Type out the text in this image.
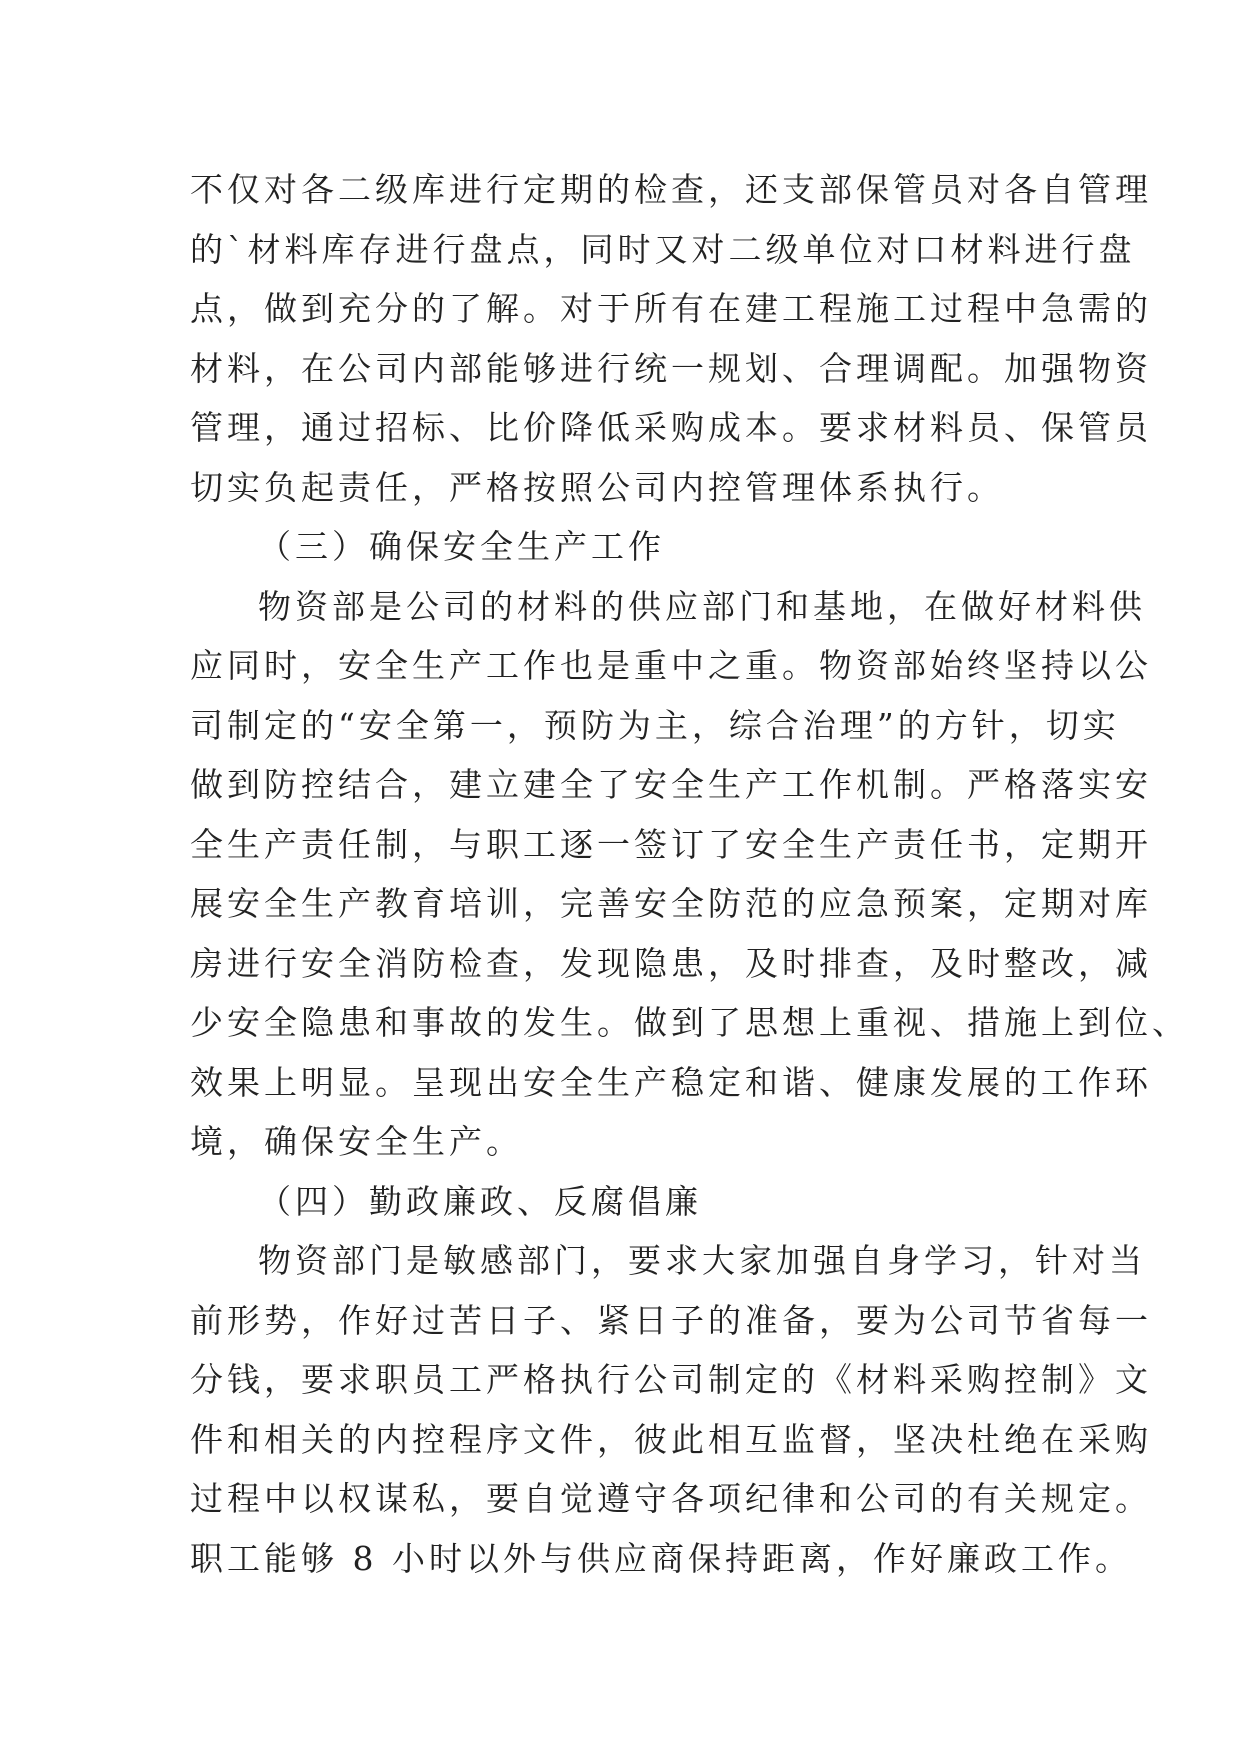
不仅对各二级库进行定期的检查，还支部保管员对各自管理
的`材料库存进行盘点，同时又对二级单位对口材料进行盘
点，做到充分的了解。对于所有在建工程施工过程中急需的
材料，在公司内部能够进行统一规划、合理调配。加强物资
管理，通过招标、比价降低采购成本。要求材料员、保管员
切实负起责任，严格按照公司内控管理体系执行。
（三）确保安全生产工作
物资部是公司的材料的供应部门和基地，在做好材料供
应同时，安全生产工作也是重中之重。物资部始终坚持以公
司制定的“安全第一，预防为主，综合治理”的方针，切实
做到防控结合，建立建全了安全生产工作机制。严格落实安
全生产责任制，与职工逐一签订了安全生产责任书，定期开
展安全生产教育培训，完善安全防范的应急预案，定期对库
房进行安全消防检查，发现隐患，及时排查，及时整改，减
少安全隐患和事故的发生。做到了思想上重视、措施上到位、
效果上明显。呈现出安全生产稳定和谐、健康发展的工作环
境，确保安全生产。
（四）勤政廉政、反腐倡廉
物资部门是敏感部门，要求大家加强自身学习，针对当
前形势，作好过苦日子、紧日子的准备，要为公司节省每一
分钱，要求职员工严格执行公司制定的《材料采购控制》文
件和相关的内控程序文件，彼此相互监督，坚决杜绝在采购
过程中以权谋私，要自觉遵守各项纪律和公司的有关规定。
职工能够 8 小时以外与供应商保持距离，作好廉政工作。
